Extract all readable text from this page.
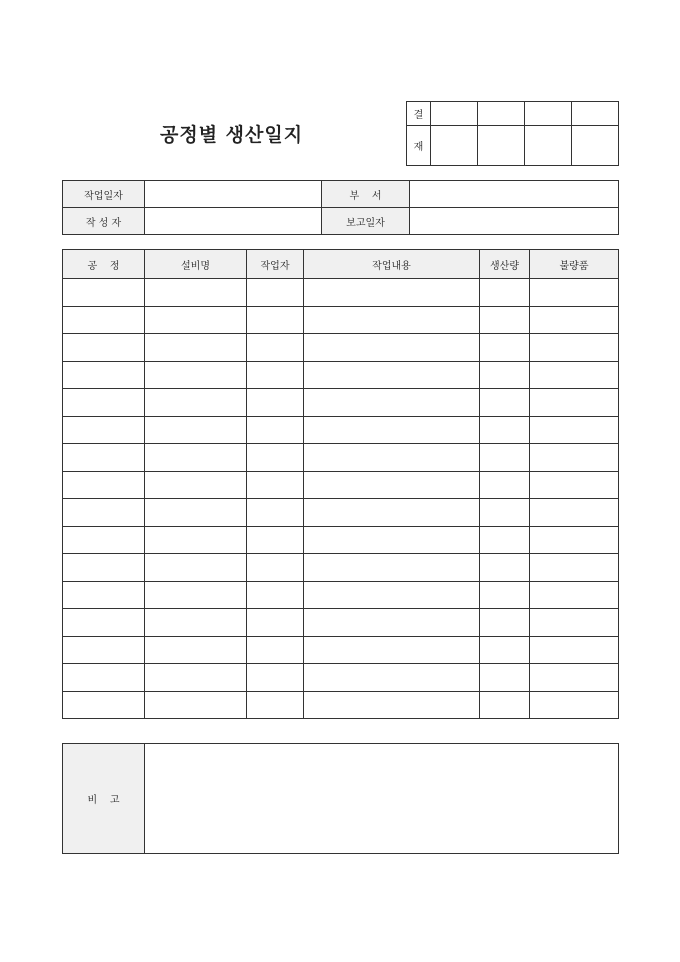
공정별 생산일지
결				
재				
작업일자		부    서	
작 성 자		보고일자	
공    정	설비명	작업자	작업내용	생산량	불량품

비    고	
